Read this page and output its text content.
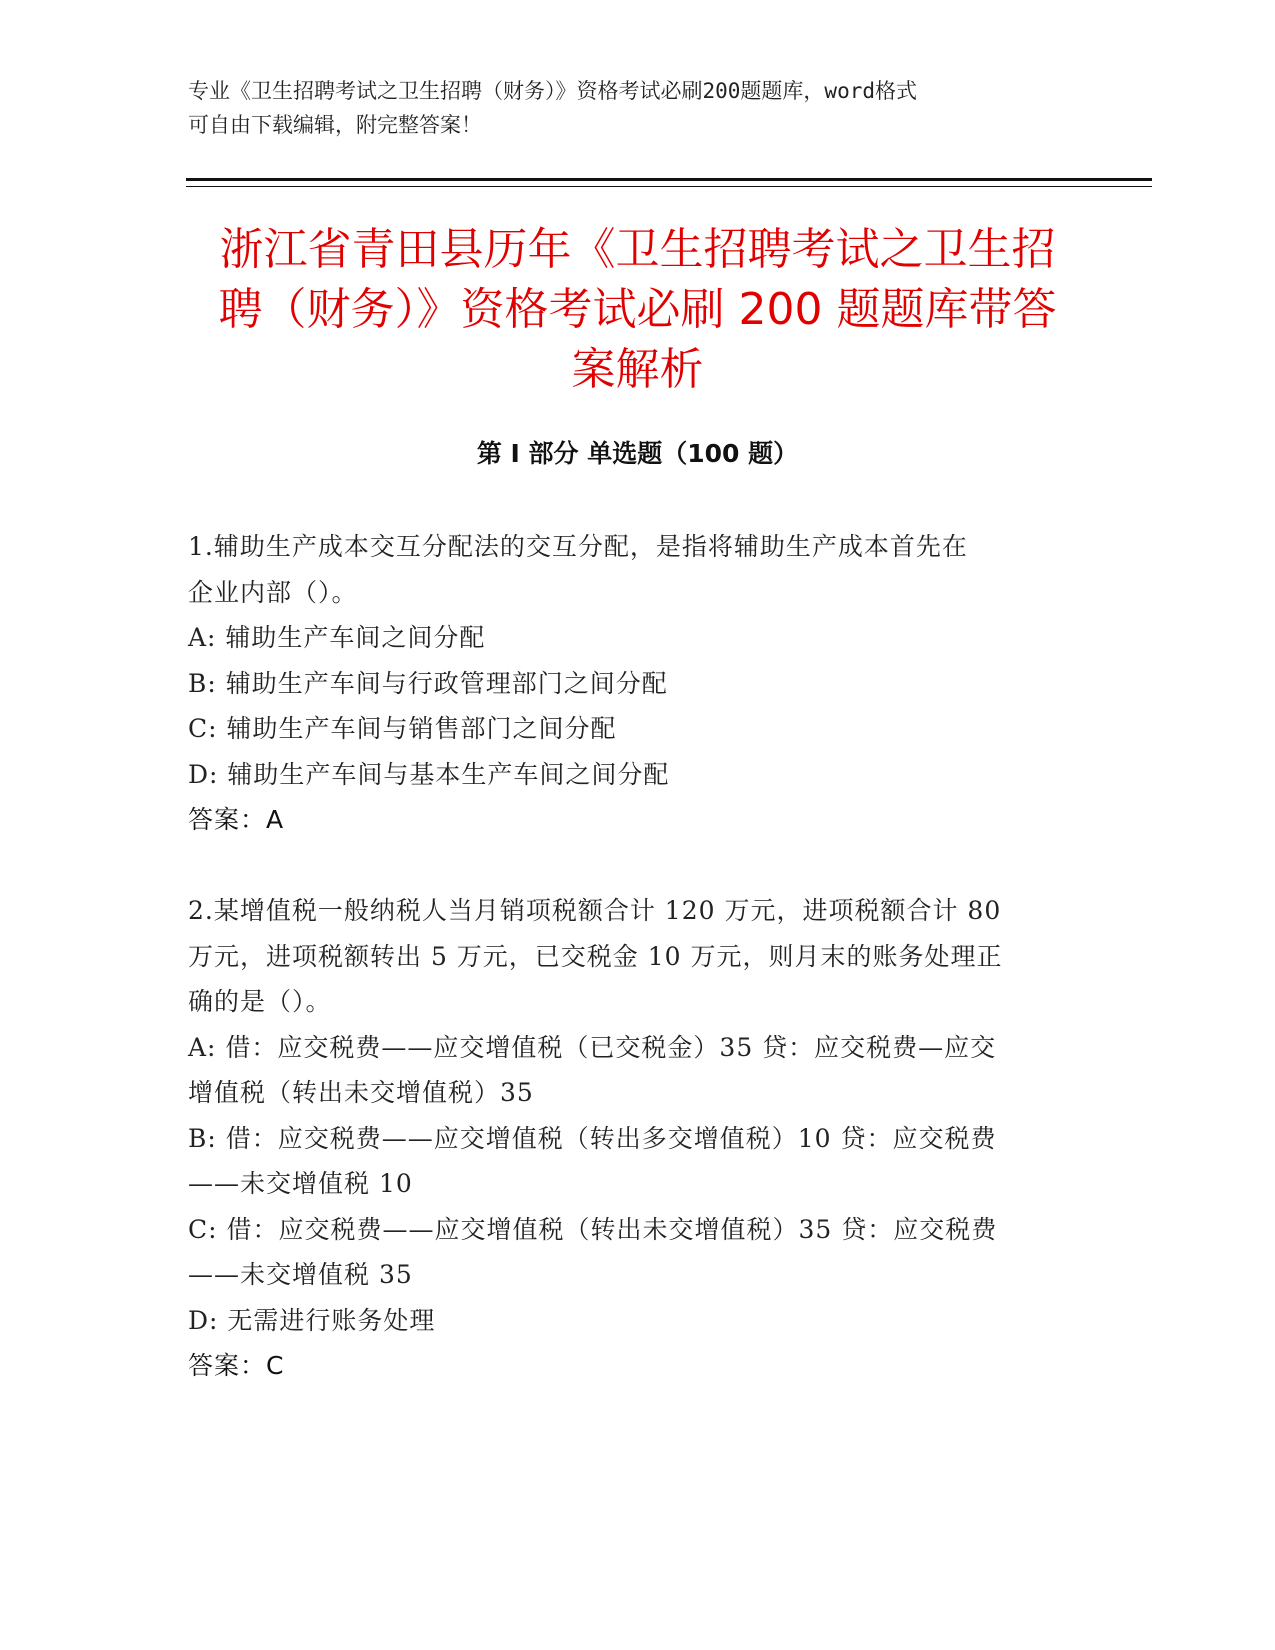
专业《卫生招聘考试之卫生招聘（财务）》资格考试必刷200题题库，word格式

可自由下载编辑，附完整答案！

浙江省青田县历年《卫生招聘考试之卫生招
聘（财务）》资格考试必刷 200 题题库带答
案解析
第 I 部分 单选题（100 题）

1.辅助生产成本交互分配法的交互分配，是指将辅助生产成本首先在

企业内部（）。

A: 辅助生产车间之间分配

B: 辅助生产车间与行政管理部门之间分配

C: 辅助生产车间与销售部门之间分配

D: 辅助生产车间与基本生产车间之间分配

答案：A

2.某增值税一般纳税人当月销项税额合计 120 万元，进项税额合计 80

万元，进项税额转出 5 万元，已交税金 10 万元，则月末的账务处理正

确的是（）。

A: 借：应交税费——应交增值税（已交税金）35 贷：应交税费—应交

增值税（转出未交增值税）35

B: 借：应交税费——应交增值税（转出多交增值税）10 贷：应交税费

——未交增值税 10

C: 借：应交税费——应交增值税（转出未交增值税）35 贷：应交税费

——未交增值税 35

D: 无需进行账务处理

答案：C
